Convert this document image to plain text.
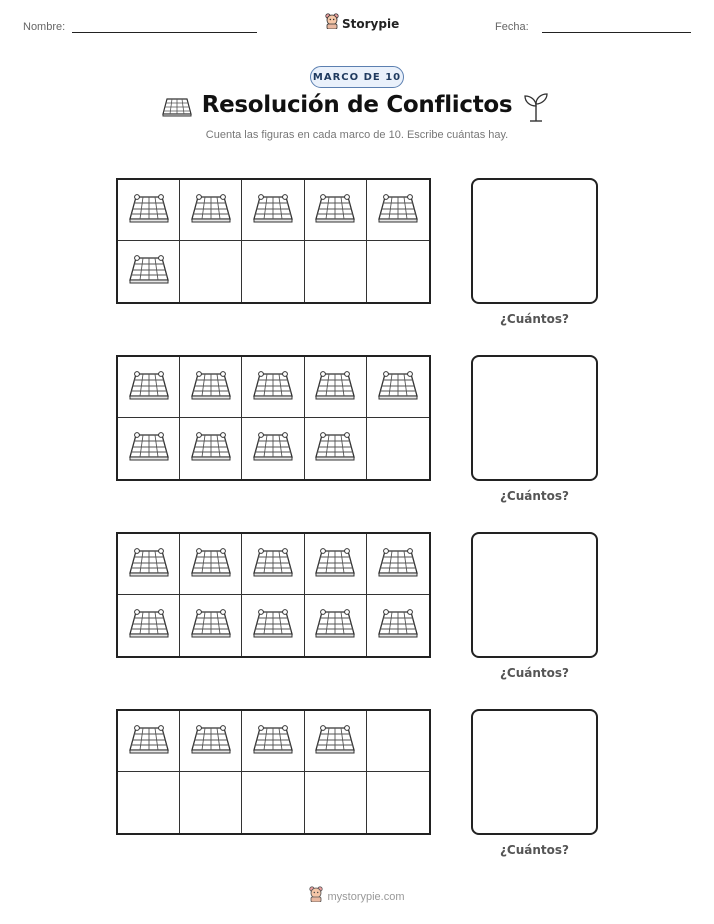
Nombre:	Storypie	Fecha:
MARCO DE 10
Resolución de Conflictos
Cuenta las figuras en cada marco de 10. Escribe cuántas hay.
¿Cuántos?
¿Cuántos?
¿Cuántos?
¿Cuántos?
mystorypie.com
